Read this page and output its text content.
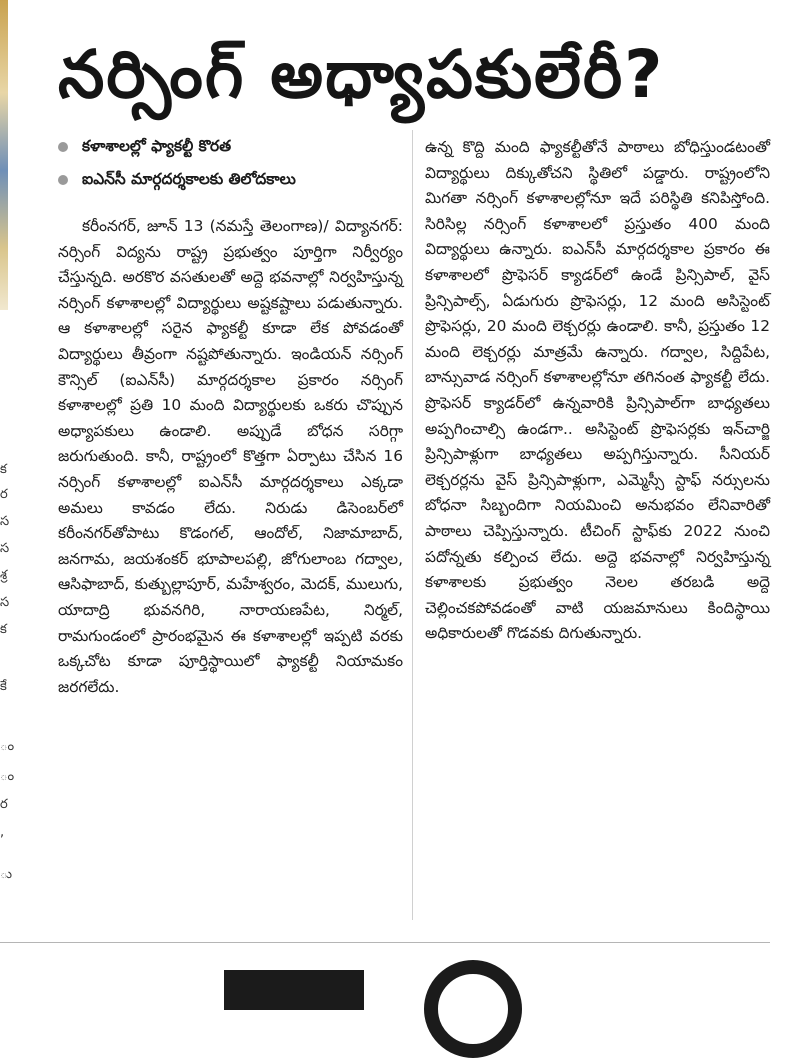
క
ర
స
స
శ్ర
స
క
కే
ం
ం
ర
,
ు
నర్సింగ్ అధ్యాపకులేరీ?
కళాశాలల్లో ఫ్యాకల్టీ కొరత
ఐఎన్‌సీ మార్గదర్శకాలకు తిలోదకాలు

కరీంనగర్, జూన్ 13 (నమస్తే తెలంగాణ)/ విద్యానగర్: నర్సింగ్ విద్యను రాష్ట్ర ప్రభుత్వం పూర్తిగా నిర్వీర్యం చేస్తున్నది. అరకొర వసతులతో అద్దె భవనాల్లో నిర్వహిస్తున్న నర్సింగ్ కళాశాలల్లో విద్యార్థులు అష్టకష్టాలు పడుతున్నారు. ఆ కళాశాలల్లో సరైన ఫ్యాకల్టీ కూడా లేక పోవడంతో విద్యార్థులు తీవ్రంగా నష్టపోతున్నారు. ఇండియన్ నర్సింగ్ కౌన్సిల్ (ఐఎన్‌సీ) మార్గదర్శకాల ప్రకారం నర్సింగ్ కళాశాలల్లో ప్రతి 10 మంది విద్యార్థులకు ఒకరు చొప్పున అధ్యాపకులు ఉండాలి. అప్పుడే బోధన సరిగ్గా జరుగుతుంది. కానీ, రాష్ట్రంలో కొత్తగా ఏర్పాటు చేసిన 16 నర్సింగ్ కళాశాలల్లో ఐఎన్‌సీ మార్గదర్శకాలు ఎక్కడా అమలు కావడం లేదు. నిరుడు డిసెంబర్‌లో కరీంనగర్‌తోపాటు కొడంగల్, ఆందోల్, నిజామాబాద్, జనగామ, జయశంకర్ భూపాలపల్లి, జోగులాంబ గద్వాల, ఆసిఫాబాద్, కుత్బుల్లాపూర్, మహేశ్వరం, మెదక్, ములుగు, యాదాద్రి భువనగిరి, నారాయణపేట, నిర్మల్, రామగుండంలో ప్రారంభమైన ఈ కళాశాలల్లో ఇప్పటి వరకు ఒక్కచోట కూడా పూర్తిస్థాయిలో ఫ్యాకల్టీ నియామకం జరగలేదు.

ఉన్న కొద్ది మంది ఫ్యాకల్టీతోనే పాఠాలు బోధిస్తుండటంతో విద్యార్థులు దిక్కుతోచని స్థితిలో పడ్డారు. రాష్ట్రంలోని మిగతా నర్సింగ్ కళాశాలల్లోనూ ఇదే పరిస్థితి కనిపిస్తోంది. సిరిసిల్ల నర్సింగ్ కళాశాలలో ప్రస్తుతం 400 మంది విద్యార్థులు ఉన్నారు. ఐఎన్‌సీ మార్గదర్శకాల ప్రకారం ఈ కళాశాలలో ప్రొఫెసర్ క్యాడర్‌లో ఉండే ప్రిన్సిపాల్, వైస్ ప్రిన్సిపాల్స్, ఏడుగురు ప్రొఫెసర్లు, 12 మంది అసిస్టెంట్ ప్రొఫెసర్లు, 20 మంది లెక్చరర్లు ఉండాలి. కానీ, ప్రస్తుతం 12 మంది లెక్చరర్లు మాత్రమే ఉన్నారు. గద్వాల, సిద్దిపేట, బాన్సువాడ నర్సింగ్ కళాశాలల్లోనూ తగినంత ఫ్యాకల్టీ లేదు. ప్రొఫెసర్ క్యాడర్‌లో ఉన్నవారికి ప్రిన్సిపాల్‌గా బాధ్యతలు అప్పగించాల్సి ఉండగా.. అసిస్టెంట్ ప్రొఫెసర్లకు ఇన్‌చార్జి ప్రిన్సిపాళ్లుగా బాధ్యతలు అప్పగిస్తున్నారు. సీనియర్ లెక్చరర్లను వైస్ ప్రిన్సిపాళ్లుగా, ఎమ్మెస్సీ స్టాఫ్ నర్సులను బోధనా సిబ్బందిగా నియమించి అనుభవం లేనివారితో పాఠాలు చెప్పిస్తున్నారు. టీచింగ్ స్టాఫ్‌కు 2022 నుంచి పదోన్నతు కల్పించ లేదు. అద్దె భవనాల్లో నిర్వహిస్తున్న కళాశాలకు ప్రభుత్వం నెలల తరబడి అద్దె చెల్లించకపోవడంతో వాటి యజమానులు కిందిస్థాయి అధికారులతో గొడవకు దిగుతున్నారు.
